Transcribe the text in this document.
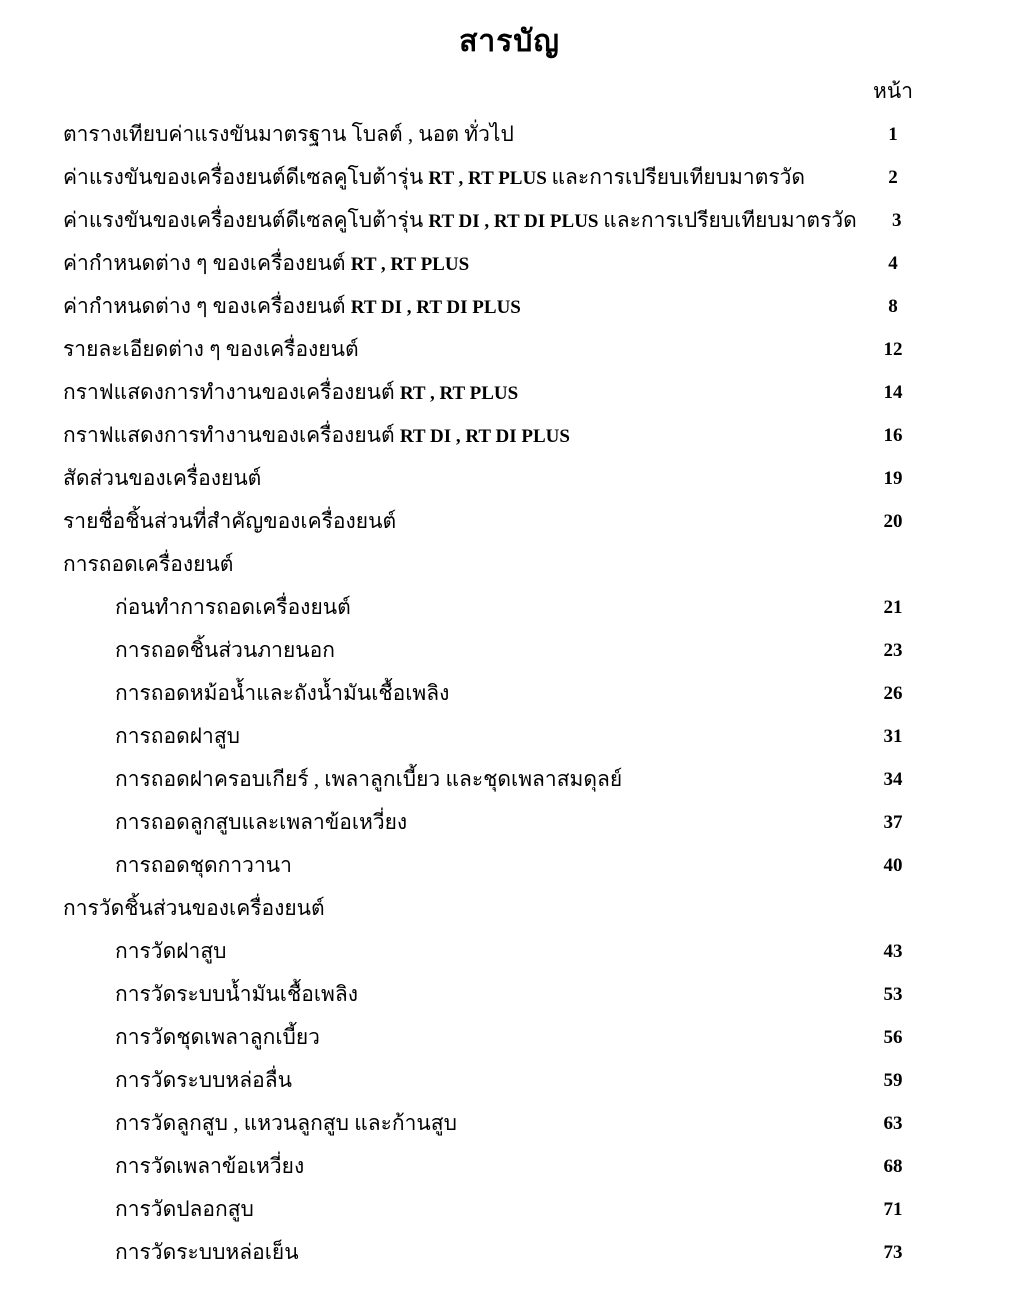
สารบัญ
หน้า
ตารางเทียบค่าแรงขันมาตรฐาน โบลต์ , นอต ทั่วไป	1
ค่าแรงขันของเครื่องยนต์ดีเซลคูโบต้ารุ่น RT , RT PLUS และการเปรียบเทียบมาตรวัด	2
ค่าแรงขันของเครื่องยนต์ดีเซลคูโบต้ารุ่น RT DI , RT DI PLUS และการเปรียบเทียบมาตรวัด	3
ค่ากำหนดต่าง ๆ ของเครื่องยนต์ RT , RT PLUS	4
ค่ากำหนดต่าง ๆ ของเครื่องยนต์ RT DI , RT DI PLUS	8
รายละเอียดต่าง ๆ ของเครื่องยนต์	12
กราฟแสดงการทำงานของเครื่องยนต์ RT , RT PLUS	14
กราฟแสดงการทำงานของเครื่องยนต์ RT DI , RT DI PLUS	16
สัดส่วนของเครื่องยนต์	19
รายชื่อชิ้นส่วนที่สำคัญของเครื่องยนต์	20
การถอดเครื่องยนต์
ก่อนทำการถอดเครื่องยนต์	21
การถอดชิ้นส่วนภายนอก	23
การถอดหม้อน้ำและถังน้ำมันเชื้อเพลิง	26
การถอดฝาสูบ	31
การถอดฝาครอบเกียร์ , เพลาลูกเบี้ยว และชุดเพลาสมดุลย์	34
การถอดลูกสูบและเพลาข้อเหวี่ยง	37
การถอดชุดกาวานา	40
การวัดชิ้นส่วนของเครื่องยนต์
การวัดฝาสูบ	43
การวัดระบบน้ำมันเชื้อเพลิง	53
การวัดชุดเพลาลูกเบี้ยว	56
การวัดระบบหล่อลื่น	59
การวัดลูกสูบ , แหวนลูกสูบ และก้านสูบ	63
การวัดเพลาข้อเหวี่ยง	68
การวัดปลอกสูบ	71
การวัดระบบหล่อเย็น	73
